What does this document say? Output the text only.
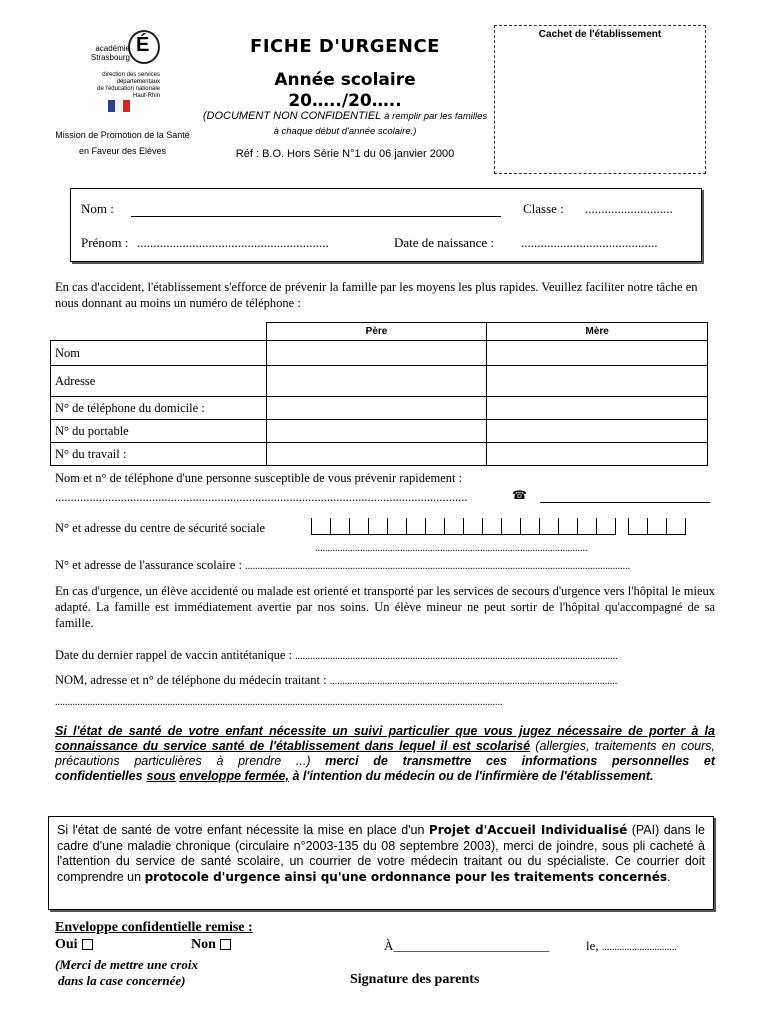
É
académie
Strasbourg
direction des services
départementaux
de l'éducation nationale
Haut-Rhin
Mission de Promotion de la Santé en Faveur des Elèves
FICHE D'URGENCE
Année scolaire
20…../20…..
(DOCUMENT NON CONFIDENTIEL à remplir par les familles à chaque début d'année scolaire.)
Réf : B.O. Hors Série N°1 du 06 janvier 2000
Cachet de l'établissement
Nom :	Classe : ...........................
Prénom : ...........................................................	Date de naissance : ..........................................
En cas d'accident, l'établissement s'efforce de prévenir la famille par les moyens les plus rapides. Veuillez faciliter notre tâche en nous donnant au moins un numéro de téléphone :
	Père	Mère
Nom		
Adresse		
N° de téléphone du domicile :		
N° du portable		
N° du travail :		
Nom et n° de téléphone d'une personne susceptible de vous prévenir rapidement :
....................................................................................................................................	☎
N° et adresse du centre de sécurité sociale
.............................................................................................................
N° et adresse de l'assurance scolaire : ..........................................................................................................................................................
En cas d'urgence, un élève accidenté ou malade est orienté et transporté par les services de secours d'urgence vers l'hôpital le mieux adapté. La famille est immédiatement avertie par nos soins. Un élève mineur ne peut sortir de l'hôpital qu'accompagné de sa famille.
Date du dernier rappel de vaccin antitétanique : .................................................................................................................................
NOM, adresse et n° de téléphone du médecin traitant : ...................................................................................................................
...................................................................................................................................................................................
Si l'état de santé de votre enfant nécessite un suivi particulier que vous jugez nécessaire de porter à la connaissance du service santé de l'établissement dans lequel il est scolarisé (allergies, traitements en cours, précautions particulières à prendre ...) merci de transmettre ces informations personnelles et confidentielles sous enveloppe fermée, à l'intention du médecin ou de l'infirmière de l'établissement.
Si l'état de santé de votre enfant nécessite la mise en place d'un Projet d'Accueil Individualisé (PAI) dans le cadre d'une maladie chronique (circulaire n°2003-135 du 08 septembre 2003), merci de joindre, sous pli cacheté à l'attention du service de santé scolaire, un courrier de votre médecin traitant ou du spécialiste. Ce courrier doit comprendre un protocole d'urgence ainsi qu'une ordonnance pour les traitements concernés.
Enveloppe confidentielle remise :
Oui	Non
(Merci de mettre une croix
dans la case concernée)
À________________________	le, ..............................
Signature des parents
